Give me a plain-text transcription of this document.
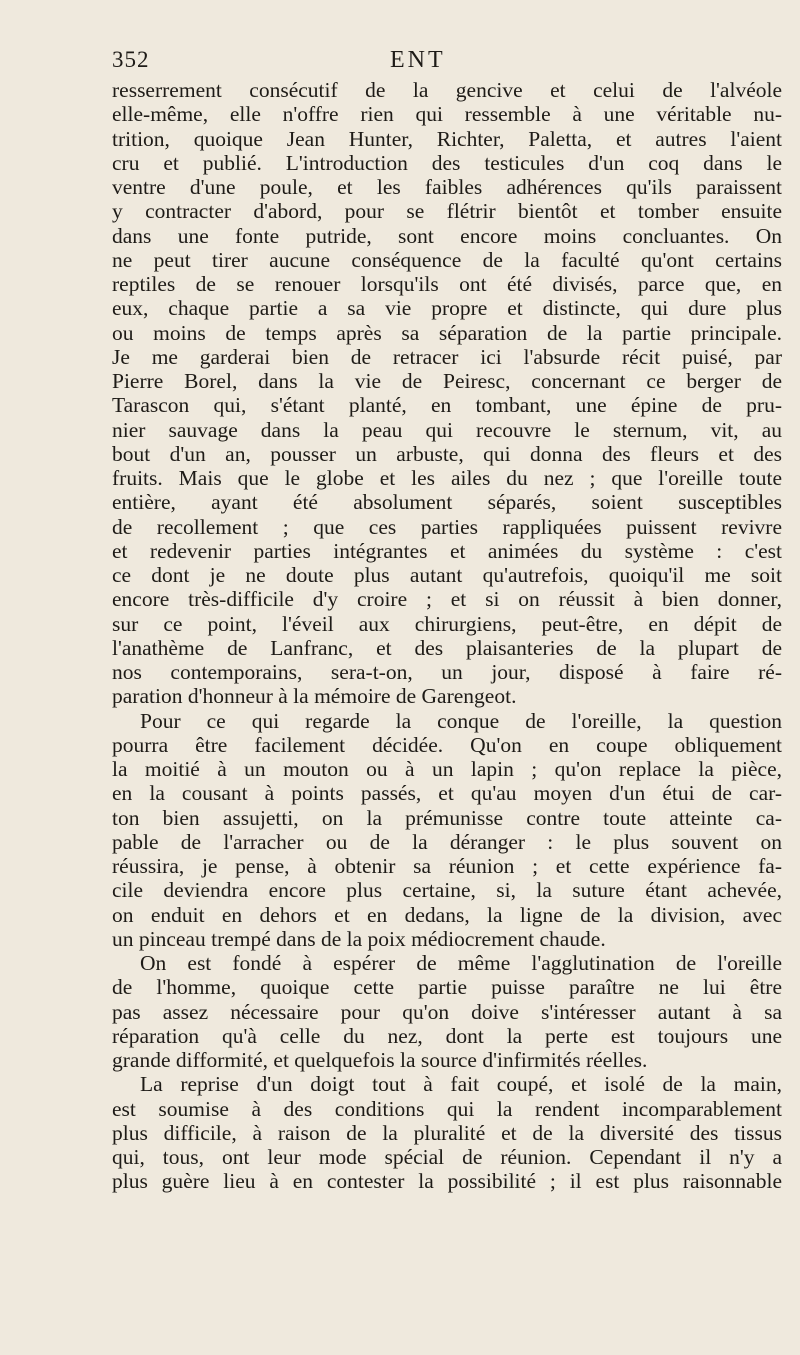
352	ENT
resserrement consécutif de la gencive et celui de l'alvéole
elle-même, elle n'offre rien qui ressemble à une véritable nu-
trition, quoique Jean Hunter, Richter, Paletta, et autres l'aient
cru et publié. L'introduction des testicules d'un coq dans le
ventre d'une poule, et les faibles adhérences qu'ils paraissent
y contracter d'abord, pour se flétrir bientôt et tomber ensuite
dans une fonte putride, sont encore moins concluantes. On
ne peut tirer aucune conséquence de la faculté qu'ont certains
reptiles de se renouer lorsqu'ils ont été divisés, parce que, en
eux, chaque partie a sa vie propre et distincte, qui dure plus
ou moins de temps après sa séparation de la partie principale.
Je me garderai bien de retracer ici l'absurde récit puisé, par
Pierre Borel, dans la vie de Peiresc, concernant ce berger de
Tarascon qui, s'étant planté, en tombant, une épine de pru-
nier sauvage dans la peau qui recouvre le sternum, vit, au
bout d'un an, pousser un arbuste, qui donna des fleurs et des
fruits. Mais que le globe et les ailes du nez ; que l'oreille toute
entière, ayant été absolument séparés, soient susceptibles
de recollement ; que ces parties rappliquées puissent revivre
et redevenir parties intégrantes et animées du système : c'est
ce dont je ne doute plus autant qu'autrefois, quoiqu'il me soit
encore très-difficile d'y croire ; et si on réussit à bien donner,
sur ce point, l'éveil aux chirurgiens, peut-être, en dépit de
l'anathème de Lanfranc, et des plaisanteries de la plupart de
nos contemporains, sera-t-on, un jour, disposé à faire ré-
paration d'honneur à la mémoire de Garengeot.
Pour ce qui regarde la conque de l'oreille, la question
pourra être facilement décidée. Qu'on en coupe obliquement
la moitié à un mouton ou à un lapin ; qu'on replace la pièce,
en la cousant à points passés, et qu'au moyen d'un étui de car-
ton bien assujetti, on la prémunisse contre toute atteinte ca-
pable de l'arracher ou de la déranger : le plus souvent on
réussira, je pense, à obtenir sa réunion ; et cette expérience fa-
cile deviendra encore plus certaine, si, la suture étant achevée,
on enduit en dehors et en dedans, la ligne de la division, avec
un pinceau trempé dans de la poix médiocrement chaude.
On est fondé à espérer de même l'agglutination de l'oreille
de l'homme, quoique cette partie puisse paraître ne lui être
pas assez nécessaire pour qu'on doive s'intéresser autant à sa
réparation qu'à celle du nez, dont la perte est toujours une
grande difformité, et quelquefois la source d'infirmités réelles.
La reprise d'un doigt tout à fait coupé, et isolé de la main,
est soumise à des conditions qui la rendent incomparablement
plus difficile, à raison de la pluralité et de la diversité des tissus
qui, tous, ont leur mode spécial de réunion. Cependant il n'y a
plus guère lieu à en contester la possibilité ; il est plus raisonnable
